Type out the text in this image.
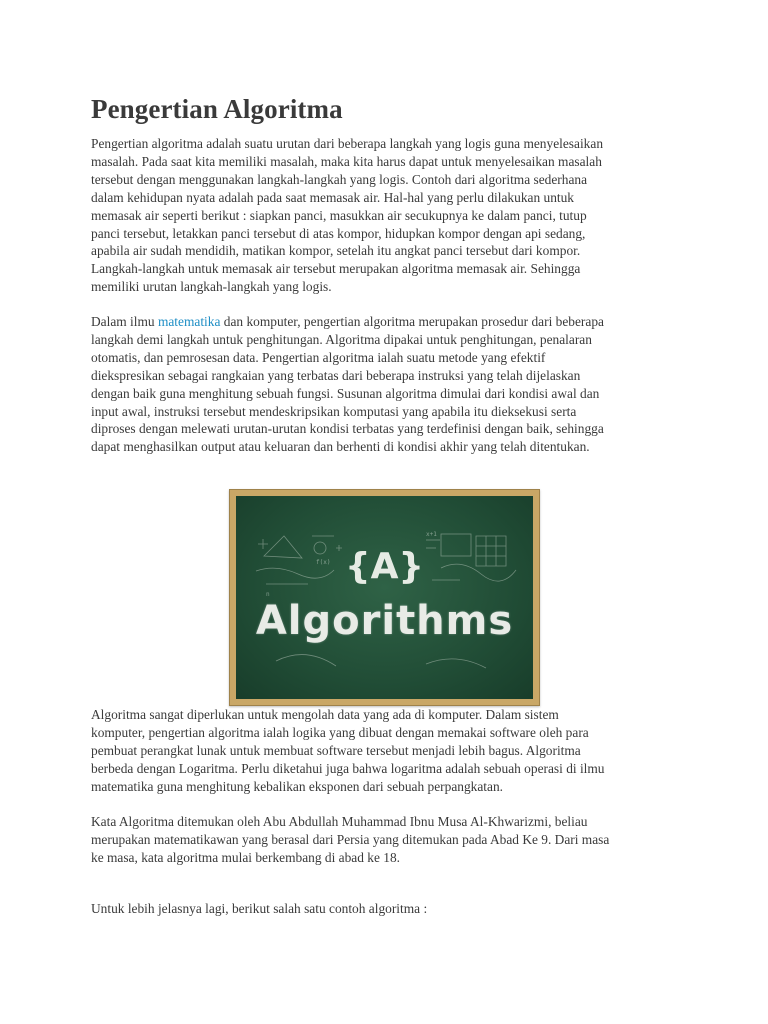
Pengertian Algoritma

Pengertian algoritma adalah suatu urutan dari beberapa langkah yang logis guna menyelesaikan
masalah. Pada saat kita memiliki masalah, maka kita harus dapat untuk menyelesaikan masalah
tersebut dengan menggunakan langkah-langkah yang logis. Contoh dari algoritma sederhana
dalam kehidupan nyata adalah pada saat memasak air. Hal-hal yang perlu dilakukan untuk
memasak air seperti berikut : siapkan panci, masukkan air secukupnya ke dalam panci, tutup
panci tersebut, letakkan panci tersebut di atas kompor, hidupkan kompor dengan api sedang,
apabila air sudah mendidih, matikan kompor, setelah itu angkat panci tersebut dari kompor.
Langkah-langkah untuk memasak air tersebut merupakan algoritma memasak air. Sehingga
memiliki urutan langkah-langkah yang logis.

Dalam ilmu matematika dan komputer, pengertian algoritma merupakan prosedur dari beberapa
langkah demi langkah untuk penghitungan. Algoritma dipakai untuk penghitungan, penalaran
otomatis, dan pemrosesan data. Pengertian algoritma ialah suatu metode yang efektif
diekspresikan sebagai rangkaian yang terbatas dari beberapa instruksi yang telah dijelaskan
dengan baik guna menghitung sebuah fungsi. Susunan algoritma dimulai dari kondisi awal dan
input awal, instruksi tersebut mendeskripsikan komputasi yang apabila itu dieksekusi serta
diproses dengan melewati urutan-urutan kondisi terbatas yang terdefinisi dengan baik, sehingga
dapat menghasilkan output atau keluaran dan berhenti di kondisi akhir yang telah ditentukan.

Algoritma sangat diperlukan untuk mengolah data yang ada di komputer. Dalam sistem
komputer, pengertian algoritma ialah logika yang dibuat dengan memakai software oleh para
pembuat perangkat lunak untuk membuat software tersebut menjadi lebih bagus. Algoritma
berbeda dengan Logaritma. Perlu diketahui juga bahwa logaritma adalah sebuah operasi di ilmu
matematika guna menghitung kebalikan eksponen dari sebuah perpangkatan.

Kata Algoritma ditemukan oleh Abu Abdullah Muhammad Ibnu Musa Al-Khwarizmi, beliau
merupakan matematikawan yang berasal dari Persia yang ditemukan pada Abad Ke 9. Dari masa
ke masa, kata algoritma mulai berkembang di abad ke 18.

Untuk lebih jelasnya lagi, berikut salah satu contoh algoritma :

f(x)
x+1
n
{A}
Algorithms
